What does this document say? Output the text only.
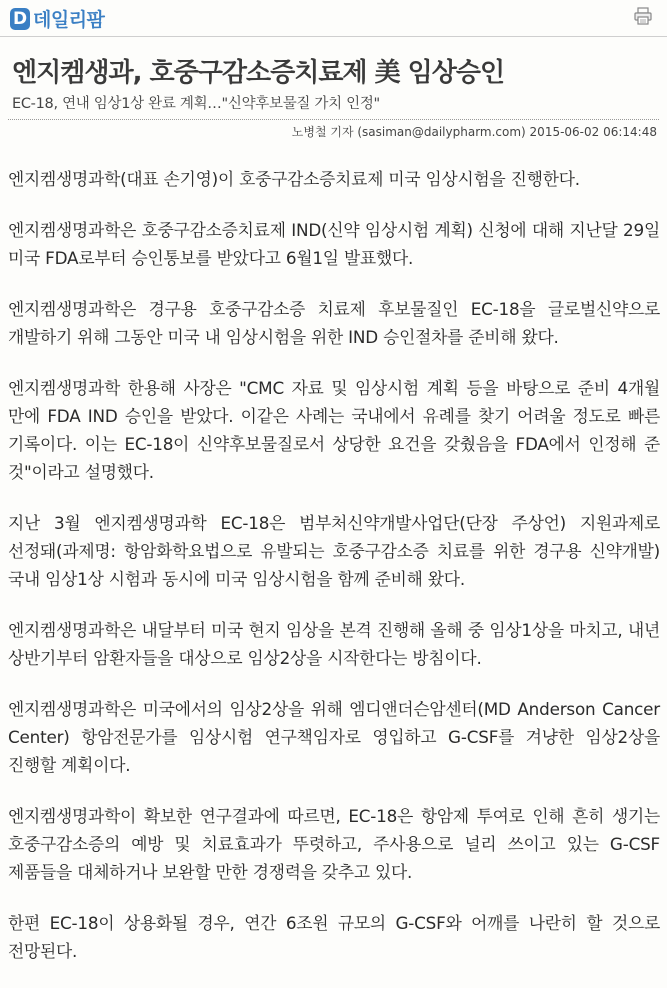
D 데일리팜
엔지켐생과, 호중구감소증치료제 美 임상승인
EC-18, 연내 임상1상 완료 계획…"신약후보물질 가치 인정"
노병철 기자 (sasiman@dailypharm.com) 2015-06-02 06:14:48

엔지켐생명과학(대표 손기영)이 호중구감소증치료제 미국 임상시험을 진행한다.

엔지켐생명과학은 호중구감소증치료제 IND(신약 임상시험 계획) 신청에 대해 지난달 29일 미국 FDA로부터 승인통보를 받았다고 6월1일 발표했다.

엔지켐생명과학은 경구용 호중구감소증 치료제 후보물질인 EC-18을 글로벌신약으로 개발하기 위해 그동안 미국 내 임상시험을 위한 IND 승인절차를 준비해 왔다.

엔지켐생명과학 한용해 사장은 "CMC 자료 및 임상시험 계획 등을 바탕으로 준비 4개월 만에 FDA IND 승인을 받았다. 이같은 사례는 국내에서 유례를 찾기 어려울 정도로 빠른 기록이다. 이는 EC-18이 신약후보물질로서 상당한 요건을 갖췄음을 FDA에서 인정해 준 것"이라고 설명했다.

지난 3월 엔지켐생명과학 EC-18은 범부처신약개발사업단(단장 주상언) 지원과제로 선정돼(과제명: 항암화학요법으로 유발되는 호중구감소증 치료를 위한 경구용 신약개발) 국내 임상1상 시험과 동시에 미국 임상시험을 함께 준비해 왔다.

엔지켐생명과학은 내달부터 미국 현지 임상을 본격 진행해 올해 중 임상1상을 마치고, 내년 상반기부터 암환자들을 대상으로 임상2상을 시작한다는 방침이다.

엔지켐생명과학은 미국에서의 임상2상을 위해 엠디앤더슨암센터(MD Anderson Cancer Center) 항암전문가를 임상시험 연구책임자로 영입하고 G-CSF를 겨냥한 임상2상을 진행할 계획이다.

엔지켐생명과학이 확보한 연구결과에 따르면, EC-18은 항암제 투여로 인해 흔히 생기는 호중구감소증의 예방 및 치료효과가 뚜렷하고, 주사용으로 널리 쓰이고 있는 G-CSF 제품들을 대체하거나 보완할 만한 경쟁력을 갖추고 있다.

한편 EC-18이 상용화될 경우, 연간 6조원 규모의 G-CSF와 어깨를 나란히 할 것으로 전망된다.
